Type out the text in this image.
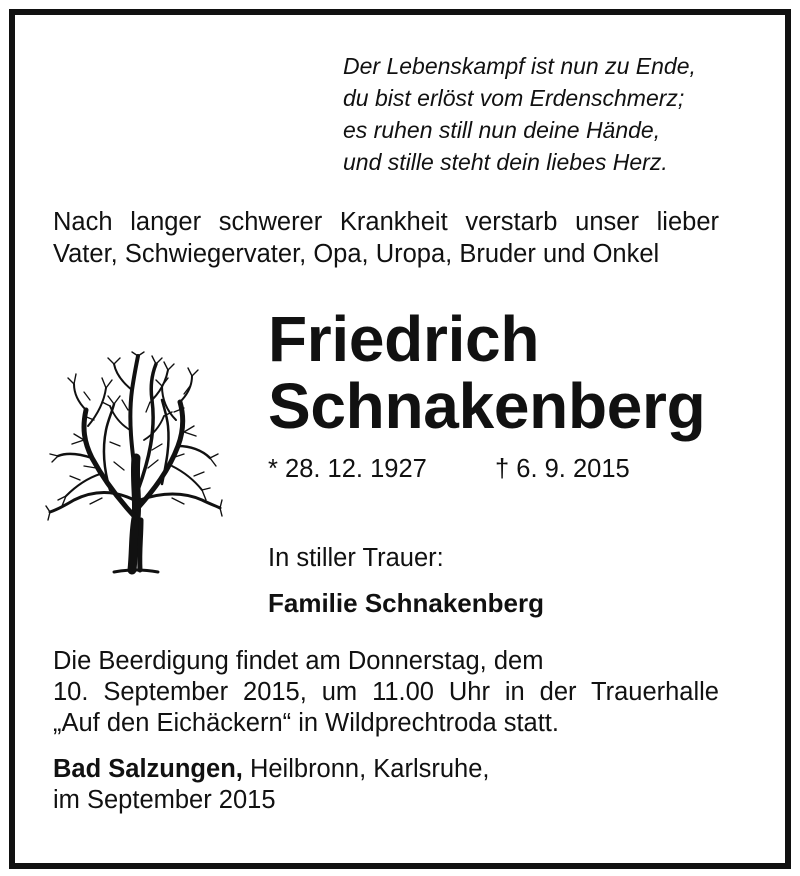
Der Lebenskampf ist nun zu Ende,
du bist erlöst vom Erdenschmerz;
es ruhen still nun deine Hände,
und stille steht dein liebes Herz.
Nach langer schwerer Krankheit verstarb unser lieber
Vater, Schwiegervater, Opa, Uropa, Bruder und Onkel
Friedrich
Schnakenberg
* 28. 12. 1927	† 6. 9. 2015
In stiller Trauer:
Familie Schnakenberg
Die Beerdigung findet am Donnerstag, dem
10. September 2015, um 11.00 Uhr in der Trauerhalle
„Auf den Eichäckern“ in Wildprechtroda statt.
Bad Salzungen, Heilbronn, Karlsruhe,
im September 2015
